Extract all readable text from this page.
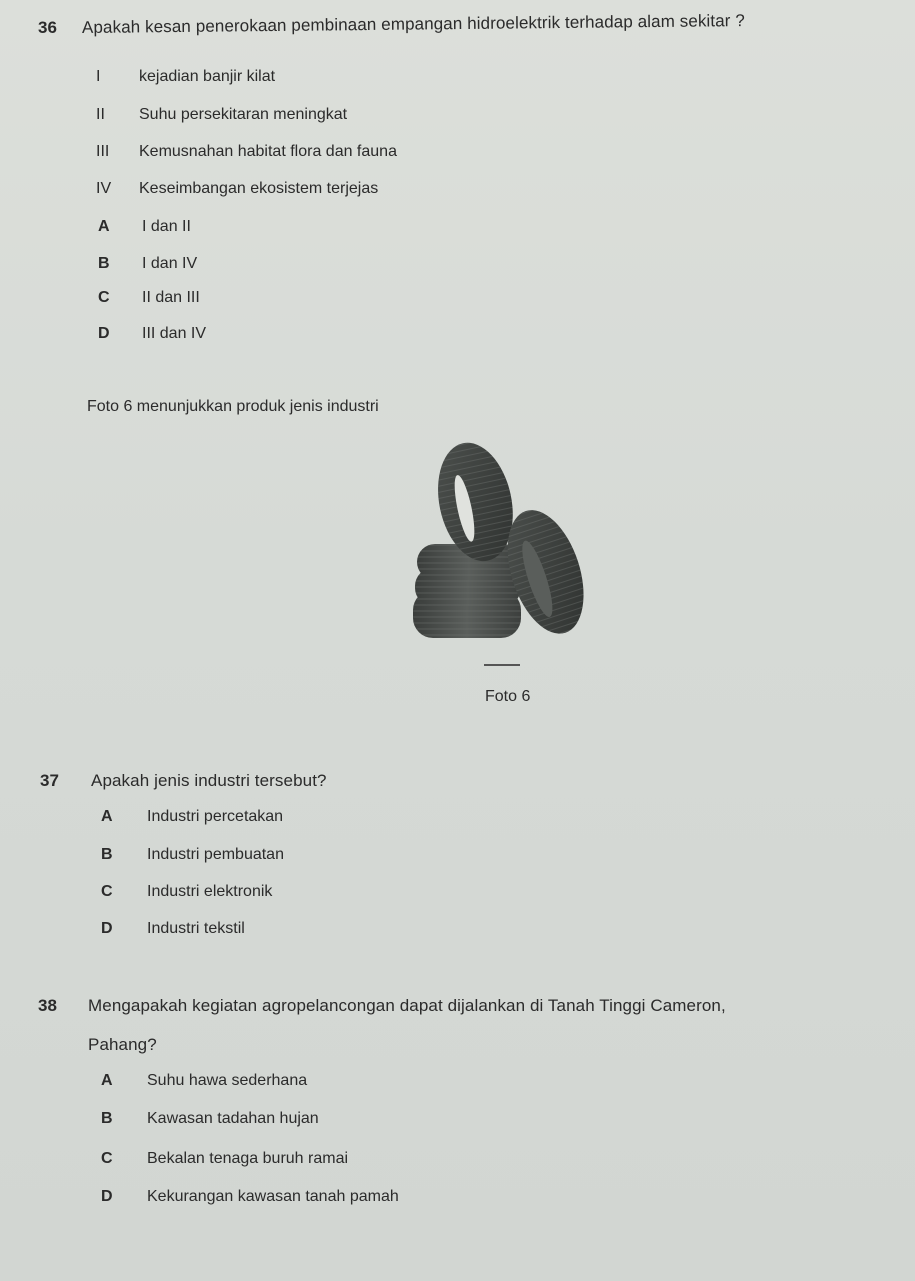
36 Apakah kesan penerokaan pembinaan empangan hidroelektrik terhadap alam sekitar ?
I kejadian banjir kilat
II Suhu persekitaran meningkat
III Kemusnahan habitat flora dan fauna
IV Keseimbangan ekosistem terjejas
A I dan II
B I dan IV
C II dan III
D III dan IV
Foto 6 menunjukkan produk jenis industri
Foto 6
37 Apakah jenis industri tersebut?
A Industri percetakan
B Industri pembuatan
C Industri elektronik
D Industri tekstil
38 Mengapakah kegiatan agropelancongan dapat dijalankan di Tanah Tinggi Cameron,
Pahang?
A Suhu hawa sederhana
B Kawasan tadahan hujan
C Bekalan tenaga buruh ramai
D Kekurangan kawasan tanah pamah
